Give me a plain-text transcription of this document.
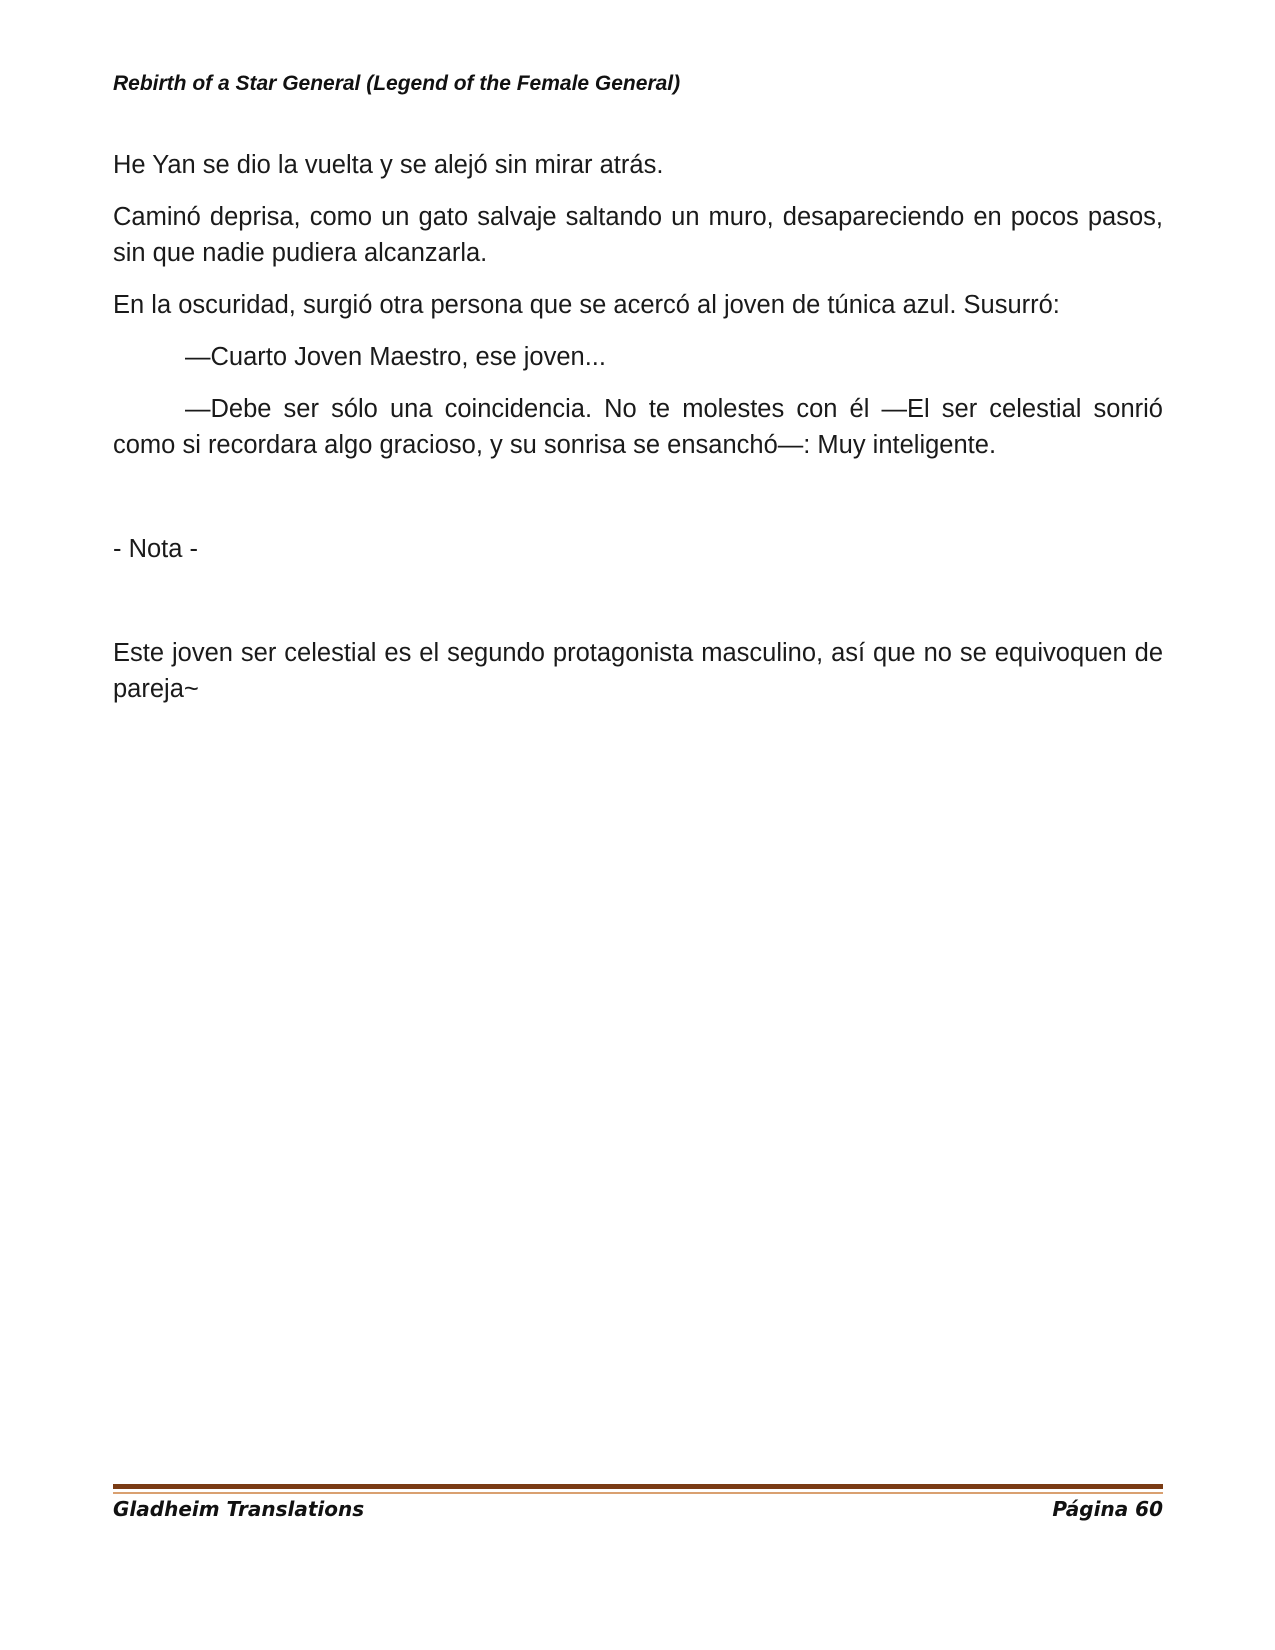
Rebirth of a Star General (Legend of the Female General)

He Yan se dio la vuelta y se alejó sin mirar atrás.

Caminó deprisa, como un gato salvaje saltando un muro, desapareciendo en pocos pasos, sin que nadie pudiera alcanzarla.

En la oscuridad, surgió otra persona que se acercó al joven de túnica azul. Susurró:

—Cuarto Joven Maestro, ese joven...

—Debe ser sólo una coincidencia. No te molestes con él —El ser celestial sonrió como si recordara algo gracioso, y su sonrisa se ensanchó—: Muy inteligente.

- Nota -

Este joven ser celestial es el segundo protagonista masculino, así que no se equivoquen de pareja~

Gladheim Translations	Página 60
